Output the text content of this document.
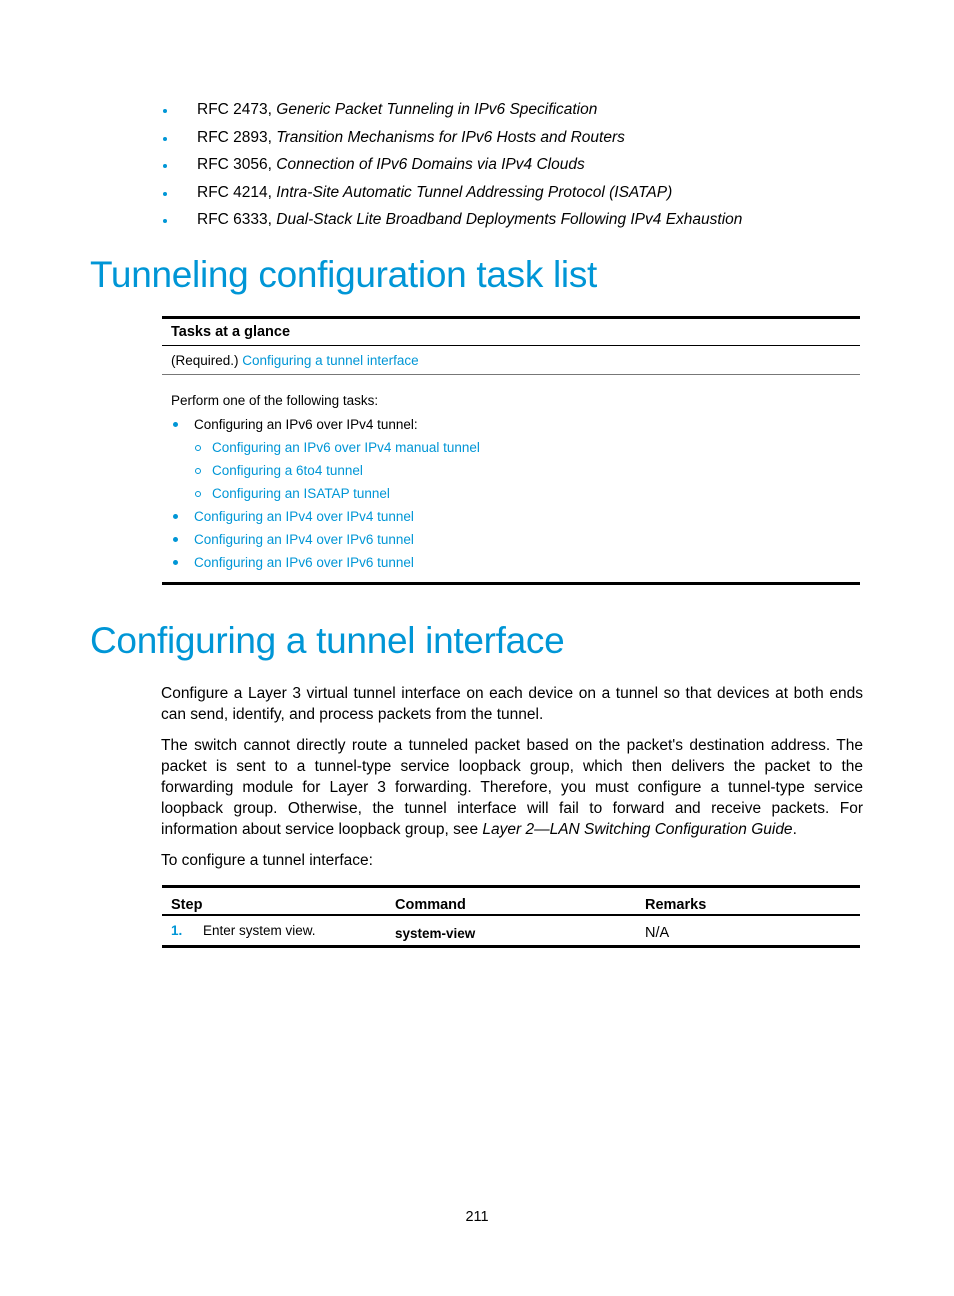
RFC 2473, Generic Packet Tunneling in IPv6 Specification
RFC 2893, Transition Mechanisms for IPv6 Hosts and Routers
RFC 3056, Connection of IPv6 Domains via IPv4 Clouds
RFC 4214, Intra-Site Automatic Tunnel Addressing Protocol (ISATAP)
RFC 6333, Dual-Stack Lite Broadband Deployments Following IPv4 Exhaustion
Tunneling configuration task list
Tasks at a glance
(Required.) Configuring a tunnel interface
Perform one of the following tasks:
Configuring an IPv6 over IPv4 tunnel:
Configuring an IPv6 over IPv4 manual tunnel
Configuring a 6to4 tunnel
Configuring an ISATAP tunnel
Configuring an IPv4 over IPv4 tunnel
Configuring an IPv4 over IPv6 tunnel
Configuring an IPv6 over IPv6 tunnel
Configuring a tunnel interface

Configure a Layer 3 virtual tunnel interface on each device on a tunnel so that devices at both ends can send, identify, and process packets from the tunnel.

The switch cannot directly route a tunneled packet based on the packet's destination address. The packet is sent to a tunnel-type service loopback group, which then delivers the packet to the forwarding module for Layer 3 forwarding. Therefore, you must configure a tunnel-type service loopback group. Otherwise, the tunnel interface will fail to forward and receive packets. For information about service loopback group, see Layer 2—LAN Switching Configuration Guide.

To configure a tunnel interface:

Step	Command	Remarks
1. Enter system view.	system-view	N/A
211
